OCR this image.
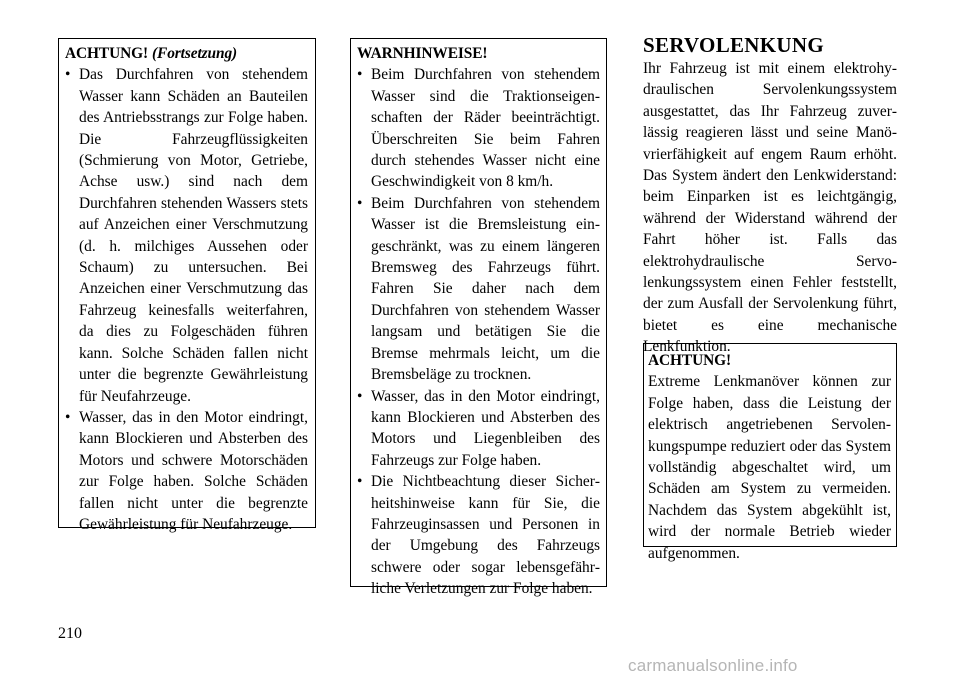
ACHTUNG! (Fortsetzung)
• Das Durchfahren von stehendem Wasser kann Schäden an Bauteilen des Antriebsstrangs zur Folge haben. Die Fahrzeugflüssigkeiten (Schmierung von Motor, Getriebe, Achse usw.) sind nach dem Durchfahren stehenden Wassers stets auf Anzeichen einer Verschmutzung (d. h. milchiges Aussehen oder Schaum) zu untersuchen. Bei Anzeichen einer Verschmutzung das Fahrzeug keinesfalls weiterfahren, da dies zu Folgeschäden führen kann. Solche Schäden fallen nicht unter die begrenzte Gewährleistung für Neufahrzeuge.
• Wasser, das in den Motor eindringt, kann Blockieren und Absterben des Motors und schwere Motorschäden zur Folge haben. Solche Schäden fallen nicht unter die begrenzte Gewährleistung für Neufahrzeuge.
WARNHINWEISE!
• Beim Durchfahren von stehendem Wasser sind die Traktionseigenschaften der Räder beeinträchtigt. Überschreiten Sie beim Fahren durch stehendes Wasser nicht eine Geschwindigkeit von 8 km/h.
• Beim Durchfahren von stehendem Wasser ist die Bremsleistung eingeschränkt, was zu einem längeren Bremsweg des Fahrzeugs führt. Fahren Sie daher nach dem Durchfahren von stehendem Wasser langsam und betätigen Sie die Bremse mehrmals leicht, um die Bremsbeläge zu trocknen.
• Wasser, das in den Motor eindringt, kann Blockieren und Absterben des Motors und Liegenbleiben des Fahrzeugs zur Folge haben.
• Die Nichtbeachtung dieser Sicherheitshinweise kann für Sie, die Fahrzeuginsassen und Personen in der Umgebung des Fahrzeugs schwere oder sogar lebensgefährliche Verletzungen zur Folge haben.
SERVOLENKUNG
Ihr Fahrzeug ist mit einem elektrohydraulischen Servolenkungssystem ausgestattet, das Ihr Fahrzeug zuverlässig reagieren lässt und seine Manövrierfähigkeit auf engem Raum erhöht. Das System ändert den Lenkwiderstand: beim Einparken ist es leichtgängig, während der Widerstand während der Fahrt höher ist. Falls das elektrohydraulische Servolenkungssystem einen Fehler feststellt, der zum Ausfall der Servolenkung führt, bietet es eine mechanische Lenkfunktion.
ACHTUNG!
Extreme Lenkmanöver können zur Folge haben, dass die Leistung der elektrisch angetriebenen Servolenkungspumpe reduziert oder das System vollständig abgeschaltet wird, um Schäden am System zu vermeiden. Nachdem das System abgekühlt ist, wird der normale Betrieb wieder aufgenommen.
210
carmanualsonline.info
